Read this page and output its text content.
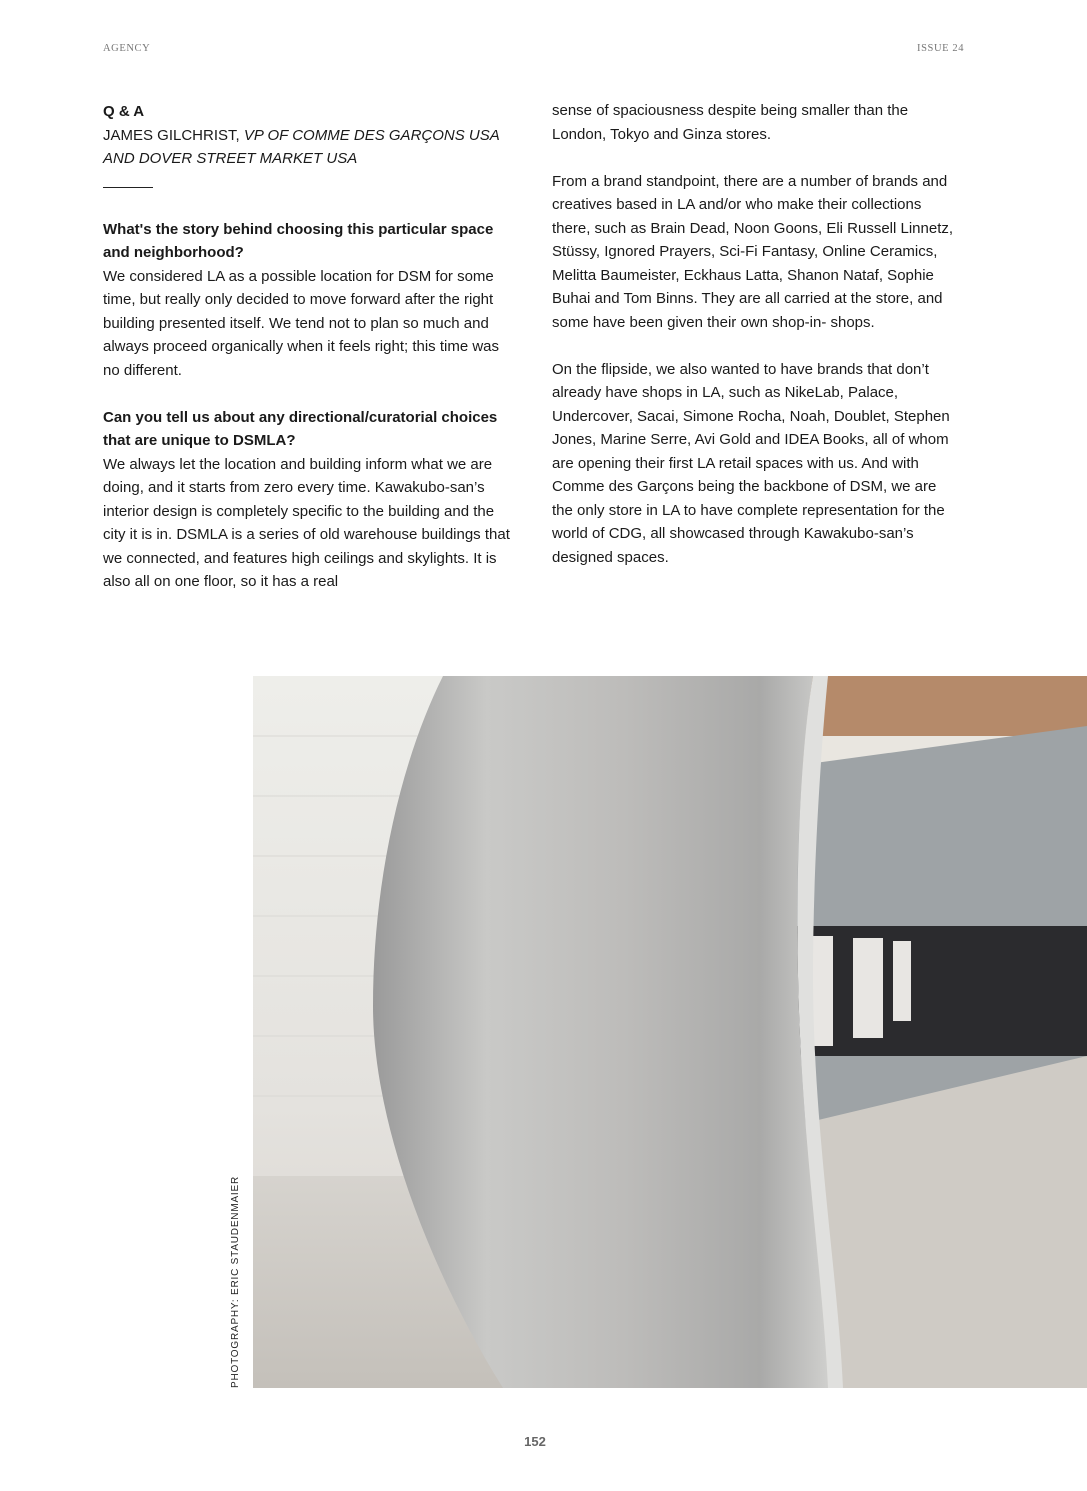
AGENCY	ISSUE 24
Q & A
JAMES GILCHRIST, VP OF COMME DES GARÇONS USA AND DOVER STREET MARKET USA

What's the story behind choosing this particular space and neighborhood?
We considered LA as a possible location for DSM for some time, but really only decided to move forward after the right building presented itself. We tend not to plan so much and always proceed organically when it feels right; this time was no different.

Can you tell us about any directional/curatorial choices that are unique to DSMLA?
We always let the location and building inform what we are doing, and it starts from zero every time. Kawakubo-san’s interior design is completely specific to the building and the city it is in. DSMLA is a series of old warehouse buildings that we connected, and features high ceilings and skylights. It is also all on one floor, so it has a real

sense of spaciousness despite being smaller than the London, Tokyo and Ginza stores.

From a brand standpoint, there are a number of brands and creatives based in LA and/or who make their collections there, such as Brain Dead, Noon Goons, Eli Russell Linnetz, Stüssy, Ignored Prayers, Sci-Fi Fantasy, Online Ceramics, Melitta Baumeister, Eckhaus Latta, Shanon Nataf, Sophie Buhai and Tom Binns. They are all carried at the store, and some have been given their own shop-in- shops.

On the flipside, we also wanted to have brands that don’t already have shops in LA, such as NikeLab, Palace, Undercover, Sacai, Simone Rocha, Noah, Doublet, Stephen Jones, Marine Serre, Avi Gold and IDEA Books, all of whom are opening their first LA retail spaces with us. And with Comme des Garçons being the backbone of DSM, we are the only store in LA to have complete representation for the world of CDG, all showcased through Kawakubo-san’s designed spaces.

PHOTOGRAPHY: ERIC STAUDENMAIER
152
